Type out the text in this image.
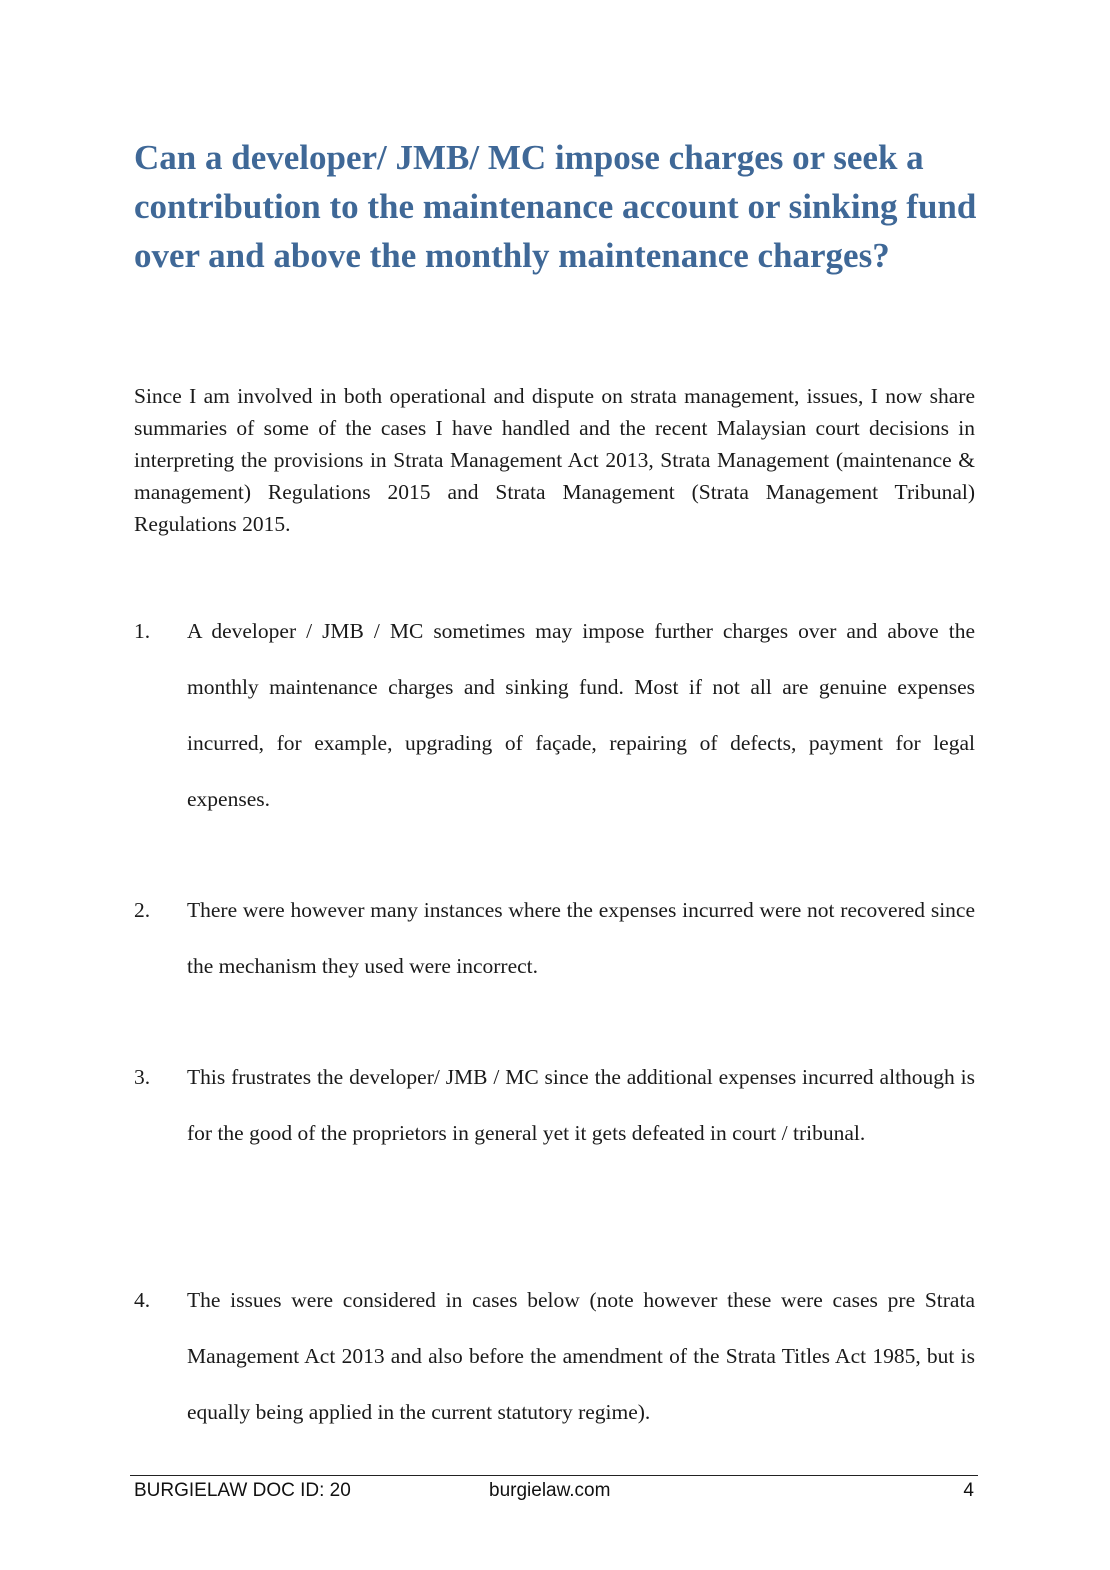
Can a developer/ JMB/ MC impose charges or seek a contribution to the maintenance account or sinking fund over and above the monthly maintenance charges?

Since I am involved in both operational and dispute on strata management, issues, I now share summaries of some of the cases I have handled and the recent Malaysian court decisions in interpreting the provisions in Strata Management Act 2013, Strata Management (maintenance & management) Regulations 2015 and Strata Management (Strata Management Tribunal) Regulations 2015.

1. A developer / JMB / MC sometimes may impose further charges over and above the monthly maintenance charges and sinking fund. Most if not all are genuine expenses incurred, for example, upgrading of façade, repairing of defects, payment for legal expenses.

2. There were however many instances where the expenses incurred were not recovered since the mechanism they used were incorrect.

3. This frustrates the developer/ JMB / MC since the additional expenses incurred although is for the good of the proprietors in general yet it gets defeated in court / tribunal.

4. The issues were considered in cases below (note however these were cases pre Strata Management Act 2013 and also before the amendment of the Strata Titles Act 1985, but is equally being applied in the current statutory regime).

BURGIELAW DOC ID: 20	burgielaw.com	4
